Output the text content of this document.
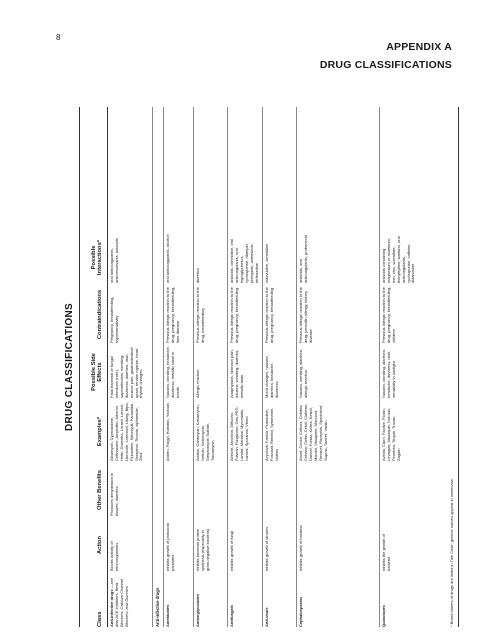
8
APPENDIX A
DRUG CLASSIFICATIONS
DRUG CLASSIFICATIONS
Class
Action
Other Benefits
Examples*
Possible Side Effects
Contraindications
Possible Interactions*
Anti-infective drugs —see also ACE inhibitors, Beta Blockers, Calcium Channel Blockers, and Diuretics
Blocks activity of microorganisms
Produces dehydration in tissues; diuretics
Albamycin, Cyproxidone, Ceftriaxone, Ampicillin, Albenol, Hetin, Doxenba, Loraxil, Lorexil, Librozole, Lorenozil, Liking, Bipa, Fluoxetine, Minoxydil, Panaxidal, Serapinol, Tinonin, alphamide, Zisol
Fatal bacterial or fungal infections (rare), superinfection, vomiting, dizziness, diarrhea, rash, muscle pain, gastrointestinal upset, tendon rupture, heart rhythm changes
Pregnancy, breastfeeding, hypersensitivity
oral anticoagulants, anticonvulsants, antacids
Anti-infective drugs Amebicides
Inhibits growth of protozoal parasites
Aralen, Flagyl, Humatin, Yodoxin
Nausea, vomiting, headache, dizziness, metallic taste in mouth
Previous allergic reaction to the drug, pregnancy, breastfeeding, liver disease
oral anticoagulants, alcohol
Aminoglycosides
Inhibits bacterial protein synthesis (especially in gram-negative bacteria)
Amikin, Garamycin, Kanamycin, Nebcin, Netromycin, Streptomycin Sulfate, Tobramycin
Allergic reaction
Previous allergic reaction to the drug, breastfeeding
diuretics
Antifungals
Inhibits growth of fungi
Abelcet, Ancobon, Diflucan, Fulvicin, Fungizone, Gris-PEG, Lamisil, Monistat, Mycostatin, Nizoral, Sporanox, Vfend
Anaphylaxis, stomach pain, nausea, vomiting, diarrhea, metallic taste
Previous allergic reaction to the drug, pregnancy, breastfeeding
antacids, cimetidine, oral anticoagulants, oral hypoglycemics, cyclosporine, rifampin, phenytoin, astemizole, terfenadine
Anti-virals
Inhibits growth of viruses
Acyclovir, Famvir, Flumadine, Foscavir, Rebetol, Symmetrel, Valtrex
Mood changes, nausea, diarrhea, headache, dizziness
Previous allergic reaction to the drug, pregnancy, breastfeeding
zidovudine, cimetidine
Cephalosporins
Inhibits growth of bacteria
Ancef, Ceclor, Cefizox, Cefobid, Cefotan, Ceftin, Cefzil, Claforan, Duricef, Fortaz, Keflex, Kefzol, Mandol, Maxipime, Monocid, Omnicef, Rocephin, Spectracef, Suprax, Tazicef, Vantin
Nausea, vomiting, diarrhea, allergic reaction
Previous allergic reaction to the drug, penicillin allergy, kidney disease
antacids, oral anticoagulants, probenecid
Quinolones
Inhibits the growth of bacteria
Avelox, Cipro, Factive, Floxin, Levaquin, Maxaquin, Noroxin, Penetrex, Tequin, Trovan, Zagam
Nausea, vomiting, diarrhea, headache, dizziness, rash, sensitivity to sunlight
Previous allergic reaction to the drug, pregnancy, breastfeeding, children
antacids containing magnesium or aluminum, iron, zinc, sucralfate, theophylline, warfarin, oral anticoagulants, cyclosporine, caffeine, didanosine
* Brand names of drugs are listed in Title Case; generic names appear in lowercase.
